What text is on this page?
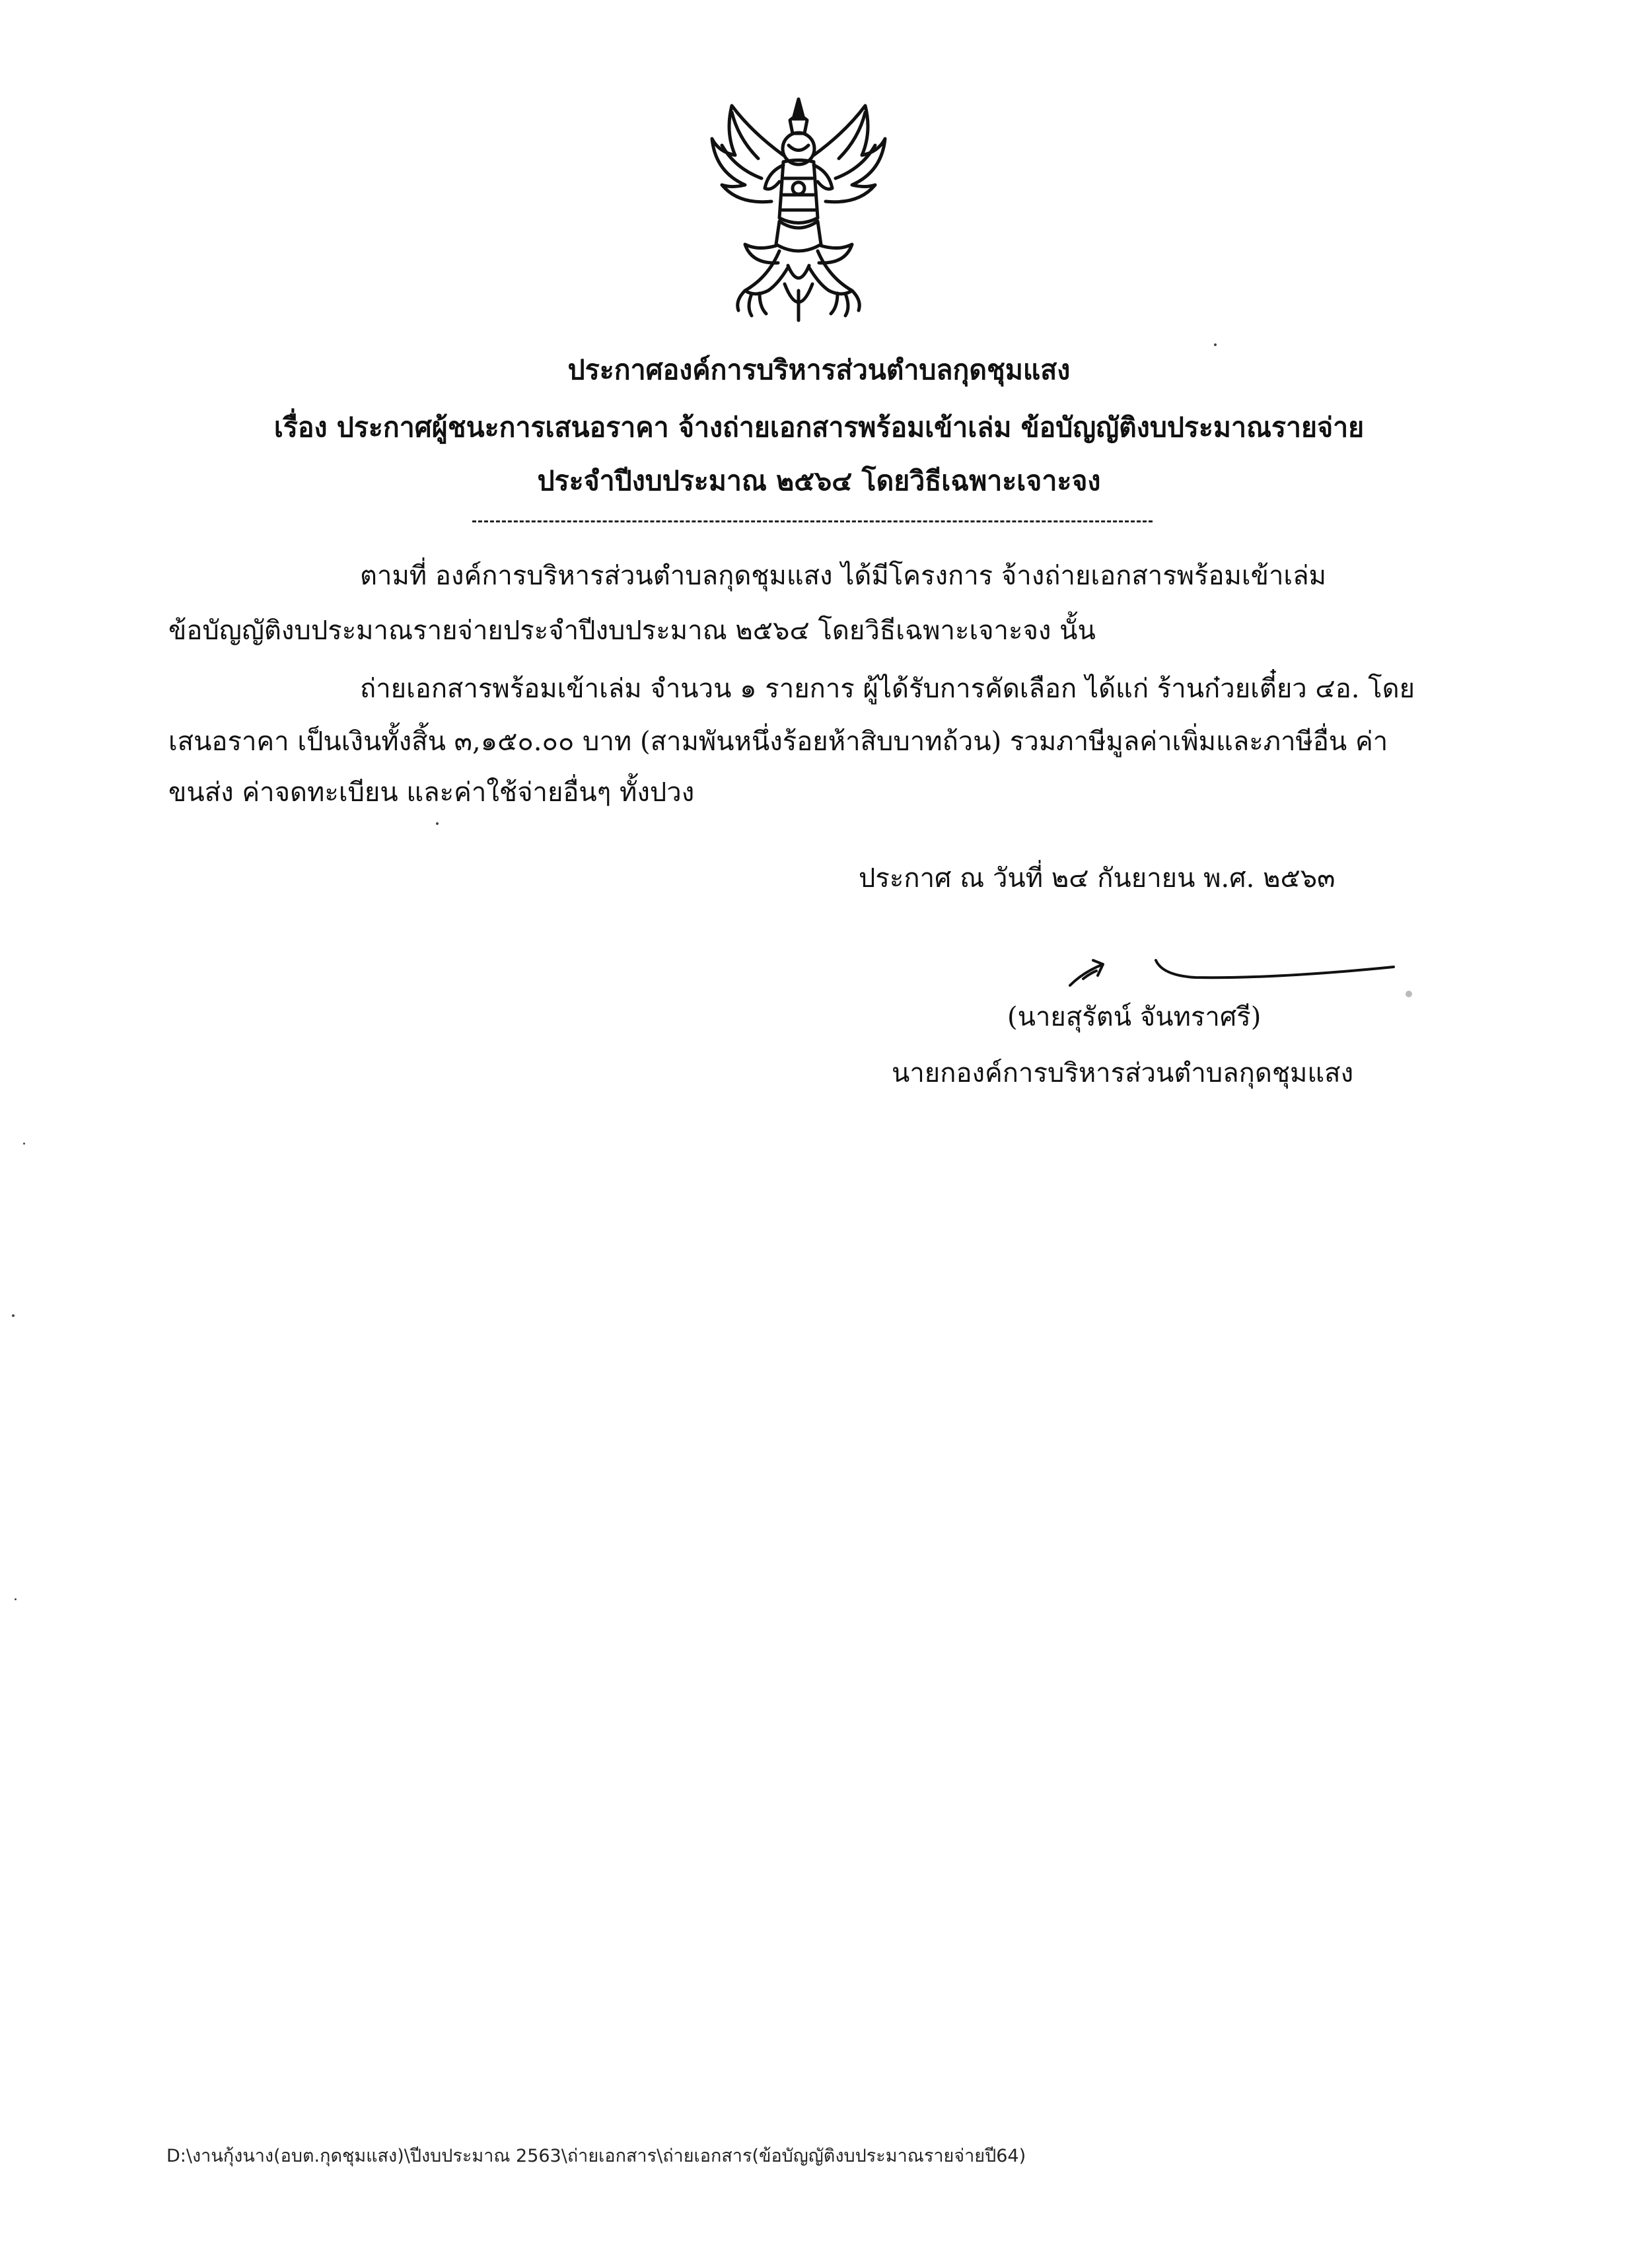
ประกาศองค์การบริหารส่วนตำบลกุดชุมแสง
เรื่อง ประกาศผู้ชนะการเสนอราคา จ้างถ่ายเอกสารพร้อมเข้าเล่ม ข้อบัญญัติงบประมาณรายจ่าย
ประจำปีงบประมาณ ๒๕๖๔ โดยวิธีเฉพาะเจาะจง
ตามที่ องค์การบริหารส่วนตำบลกุดชุมแสง ได้มีโครงการ จ้างถ่ายเอกสารพร้อมเข้าเล่ม
ข้อบัญญัติงบประมาณรายจ่ายประจำปีงบประมาณ ๒๕๖๔ โดยวิธีเฉพาะเจาะจง นั้น
ถ่ายเอกสารพร้อมเข้าเล่ม จำนวน ๑ รายการ ผู้ได้รับการคัดเลือก ได้แก่ ร้านก๋วยเตี๋ยว ๔อ. โดย
เสนอราคา เป็นเงินทั้งสิ้น ๓,๑๕๐.๐๐ บาท (สามพันหนึ่งร้อยห้าสิบบาทถ้วน) รวมภาษีมูลค่าเพิ่มและภาษีอื่น ค่า
ขนส่ง ค่าจดทะเบียน และค่าใช้จ่ายอื่นๆ ทั้งปวง
ประกาศ ณ วันที่ ๒๔ กันยายน พ.ศ. ๒๕๖๓
(นายสุรัตน์ จันทราศรี)
นายกองค์การบริหารส่วนตำบลกุดชุมแสง
D:\งานกุ้งนาง(อบต.กุดชุมแสง)\ปีงบประมาณ 2563\ถ่ายเอกสาร\ถ่ายเอกสาร(ข้อบัญญัติงบประมาณรายจ่ายปี64)
